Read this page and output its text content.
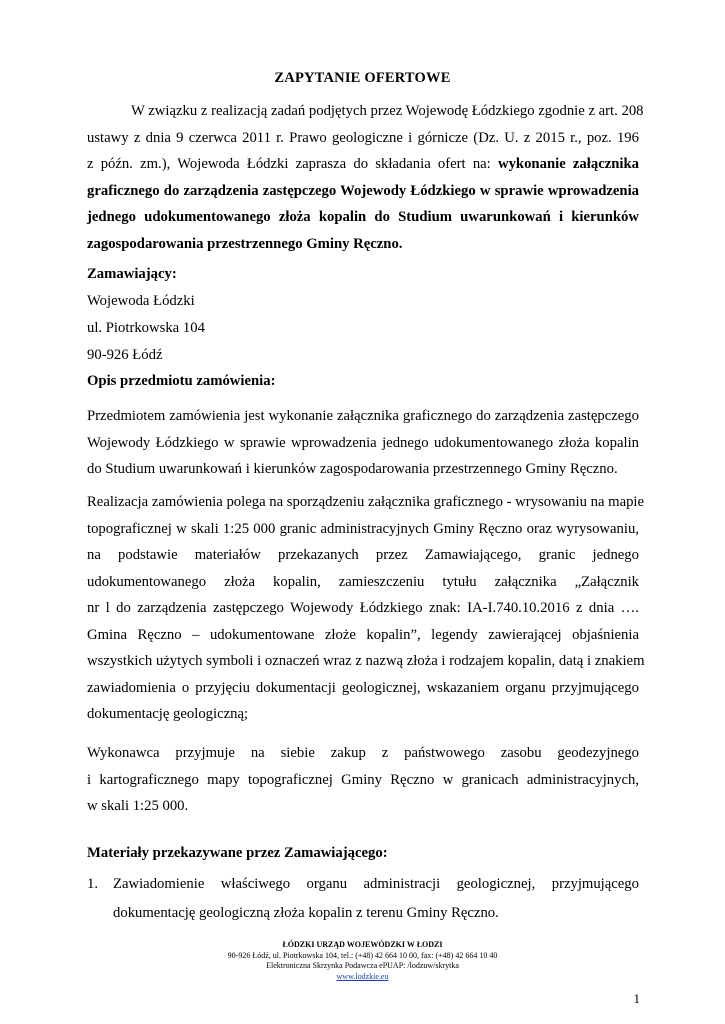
ZAPYTANIE OFERTOWE
W związku z realizacją zadań podjętych przez Wojewodę Łódzkiego zgodnie z art. 208
ustawy z dnia 9 czerwca 2011 r. Prawo geologiczne i górnicze (Dz. U. z 2015 r., poz. 196
z późn. zm.), Wojewoda Łódzki zaprasza do składania ofert na: wykonanie załącznika
graficznego do zarządzenia zastępczego Wojewody Łódzkiego w sprawie wprowadzenia
jednego udokumentowanego złoża kopalin do Studium uwarunkowań i kierunków
zagospodarowania przestrzennego Gminy Ręczno.
Zamawiający:
Wojewoda Łódzki
ul. Piotrkowska 104
90-926 Łódź
Opis przedmiotu zamówienia:
Przedmiotem zamówienia jest wykonanie załącznika graficznego do zarządzenia zastępczego
Wojewody Łódzkiego w sprawie wprowadzenia jednego udokumentowanego złoża kopalin
do Studium uwarunkowań i kierunków zagospodarowania przestrzennego Gminy Ręczno.
Realizacja zamówienia polega na sporządzeniu załącznika graficznego - wrysowaniu na mapie
topograficznej w skali 1:25 000 granic administracyjnych Gminy Ręczno oraz wyrysowaniu,
na podstawie materiałów przekazanych przez Zamawiającego, granic jednego
udokumentowanego złoża kopalin, zamieszczeniu tytułu załącznika „Załącznik
nr l do zarządzenia zastępczego Wojewody Łódzkiego znak: IA-I.740.10.2016 z dnia ….
Gmina Ręczno – udokumentowane złoże kopalin”, legendy zawierającej objaśnienia
wszystkich użytych symboli i oznaczeń wraz z nazwą złoża i rodzajem kopalin, datą i znakiem
zawiadomienia o przyjęciu dokumentacji geologicznej, wskazaniem organu przyjmującego
dokumentację geologiczną;
Wykonawca przyjmuje na siebie zakup z państwowego zasobu geodezyjnego
i kartograficznego mapy topograficznej Gminy Ręczno w granicach administracyjnych,
w skali 1:25 000.
Materiały przekazywane przez Zamawiającego:
1. Zawiadomienie właściwego organu administracji geologicznej, przyjmującego
dokumentację geologiczną złoża kopalin z terenu Gminy Ręczno.
ŁÓDZKI URZĄD WOJEWÓDZKI W ŁODZI
90-926 Łódź, ul. Piotrkowska 104, tel.: (+48) 42 664 10 00, fax: (+48) 42 664 10 40
Elektroniczna Skrzynka Podawcza ePUAP: /lodzuw/skrytka
www.lodzkie.eu
1
